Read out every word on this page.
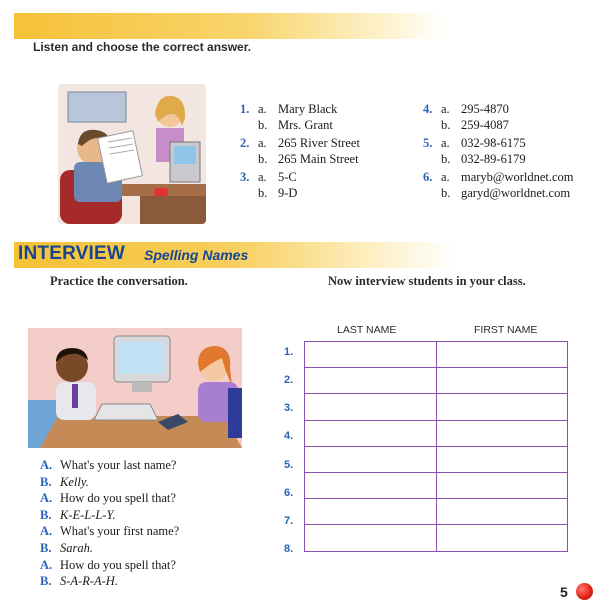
Listen and choose the correct answer.
1. a. Mary Black
b. Mrs. Grant
2. a. 265 River Street
b. 265 Main Street
3. a. 5-C
b. 9-D
4. a. 295-4870
b. 259-4087
5. a. 032-98-6175
b. 032-89-6179
6. a. maryb@worldnet.com
b. garyd@worldnet.com
INTERVIEW Spelling Names
Practice the conversation.	Now interview students in your class.
A. What's your last name?
B. Kelly.
A. How do you spell that?
B. K-E-L-L-Y.
A. What's your first name?
B. Sarah.
A. How do you spell that?
B. S-A-R-A-H.
LAST NAME	FIRST NAME

1.
2.
3.
4.
5.
6.
7.
8.
5
